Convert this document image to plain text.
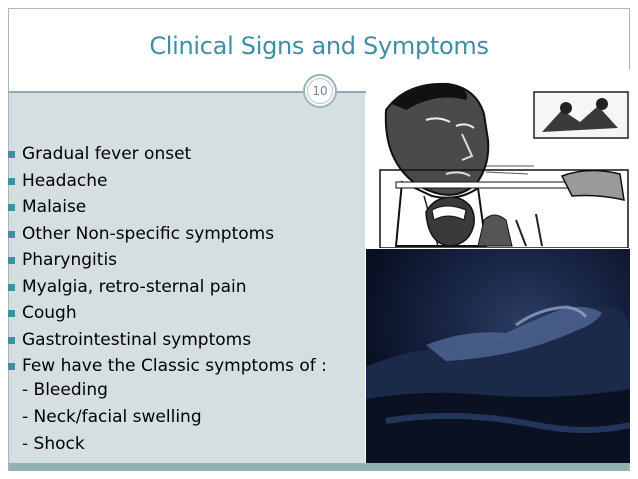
Clinical Signs and Symptoms
10
Gradual fever onset
Headache
Malaise
Other Non-specific symptoms
Pharyngitis
Myalgia, retro-sternal pain
Cough
Gastrointestinal symptoms
Few have the Classic symptoms of :
- Bleeding
- Neck/facial swelling
- Shock
